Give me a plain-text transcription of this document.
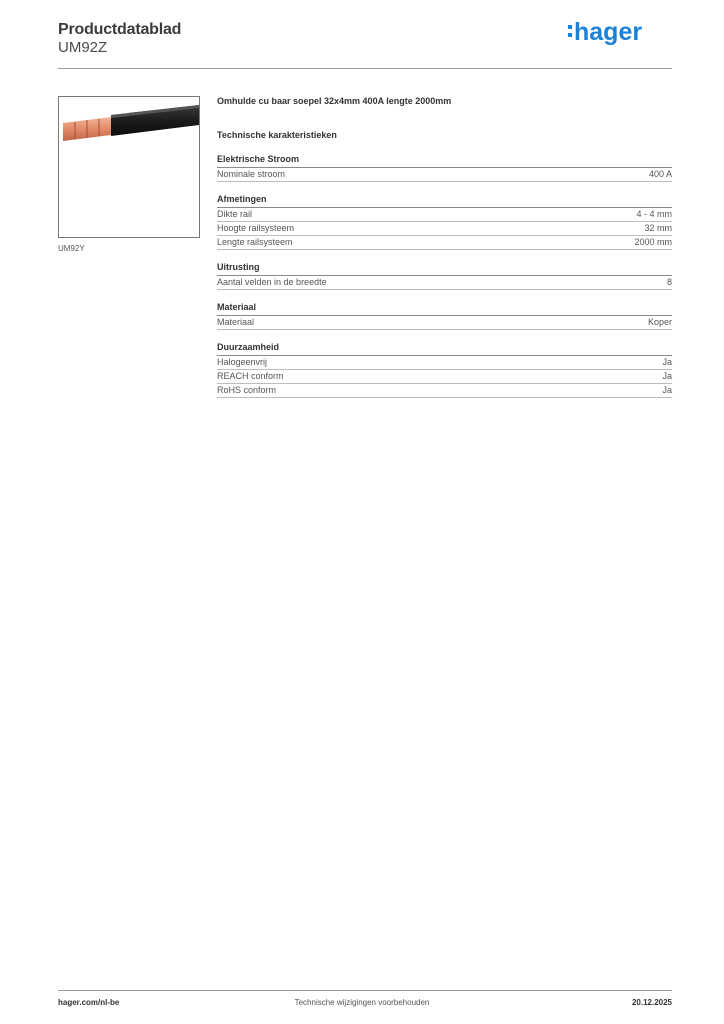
Productdatablad
UM92Z
hager
UM92Y
Omhulde cu baar soepel 32x4mm 400A lengte 2000mm
Technische karakteristieken
Elektrische Stroom
Nominale stroom	400 A
Afmetingen
Dikte rail	4 - 4 mm
Hoogte railsysteem	32 mm
Lengte railsysteem	2000 mm
Uitrusting
Aantal velden in de breedte	8
Materiaal
Materiaal	Koper
Duurzaamheid
Halogeenvrij	Ja
REACH conform	Ja
RoHS conform	Ja
hager.com/nl-be	Technische wijzigingen voorbehouden	20.12.2025
